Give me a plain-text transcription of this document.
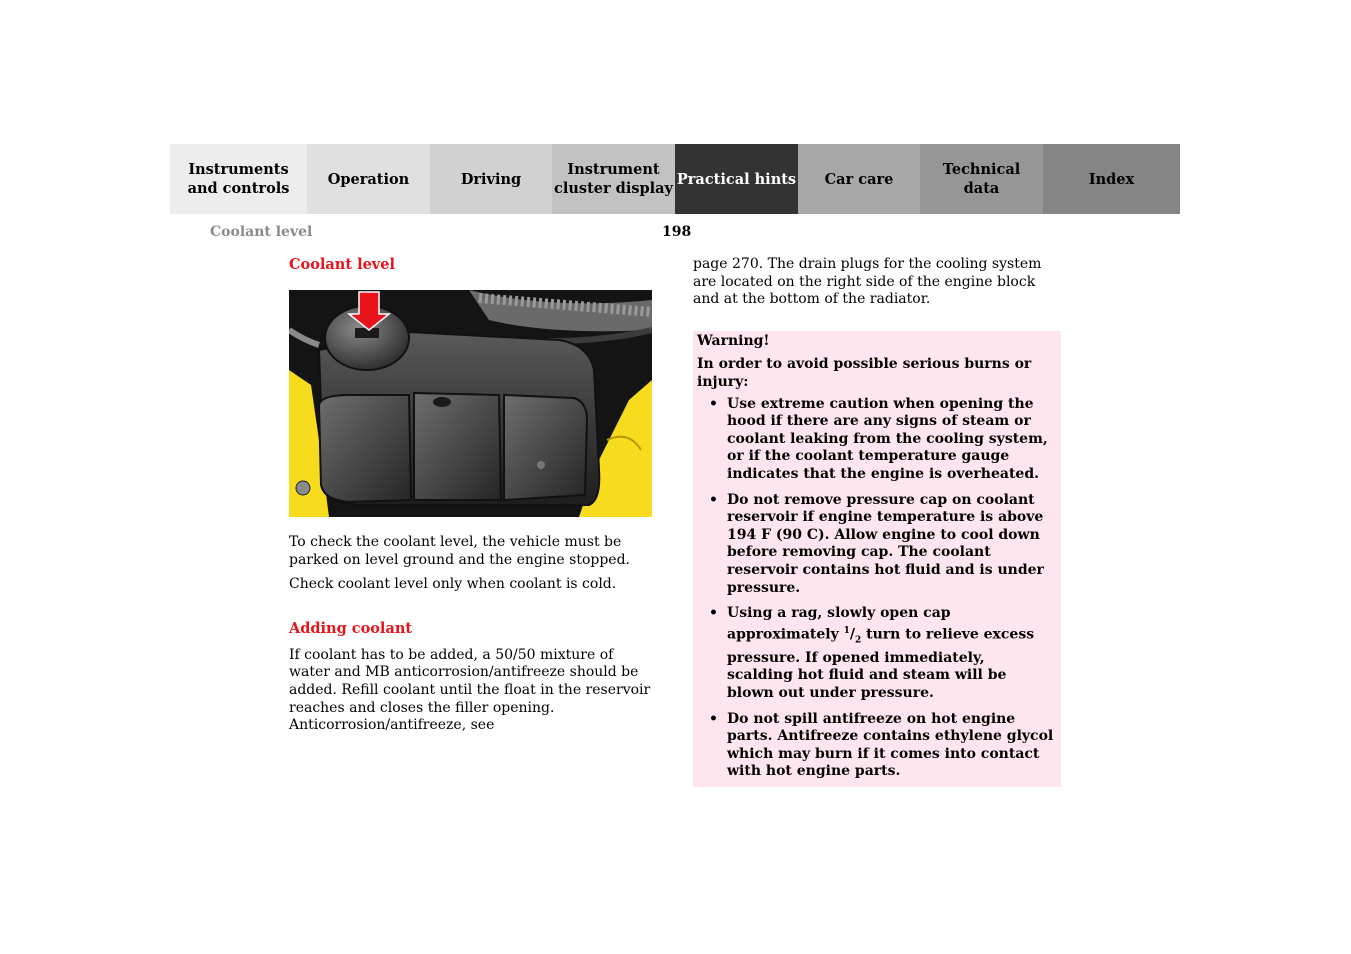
Instruments
and controls
Operation	Driving
Instrument
cluster display
Practical hints Car care
Technical
data
Index
Coolant level	198
Coolant level

To check the coolant level, the vehicle must be parked on level ground and the engine stopped.

Check coolant level only when coolant is cold.

Adding coolant

If coolant has to be added, a 50/50 mixture of water and MB anticorrosion/antifreeze should be added. Refill coolant until the float in the reservoir reaches and closes the filler opening. Anticorrosion/antifreeze, see

page 270. The drain plugs for the cooling system are located on the right side of the engine block and at the bottom of the radiator.

Warning!
In order to avoid possible serious burns or injury:
• Use extreme caution when opening the hood if there are any signs of steam or coolant leaking from the cooling system, or if the coolant temperature gauge indicates that the engine is overheated.
• Do not remove pressure cap on coolant reservoir if engine temperature is above 194 F (90 C). Allow engine to cool down before removing cap. The coolant reservoir contains hot fluid and is under pressure.
• Using a rag, slowly open cap approximately $^1/_2$ turn to relieve excess pressure. If opened immediately, scalding hot fluid and steam will be blown out under pressure.
• Do not spill antifreeze on hot engine parts. Antifreeze contains ethylene glycol which may burn if it comes into contact with hot engine parts.
